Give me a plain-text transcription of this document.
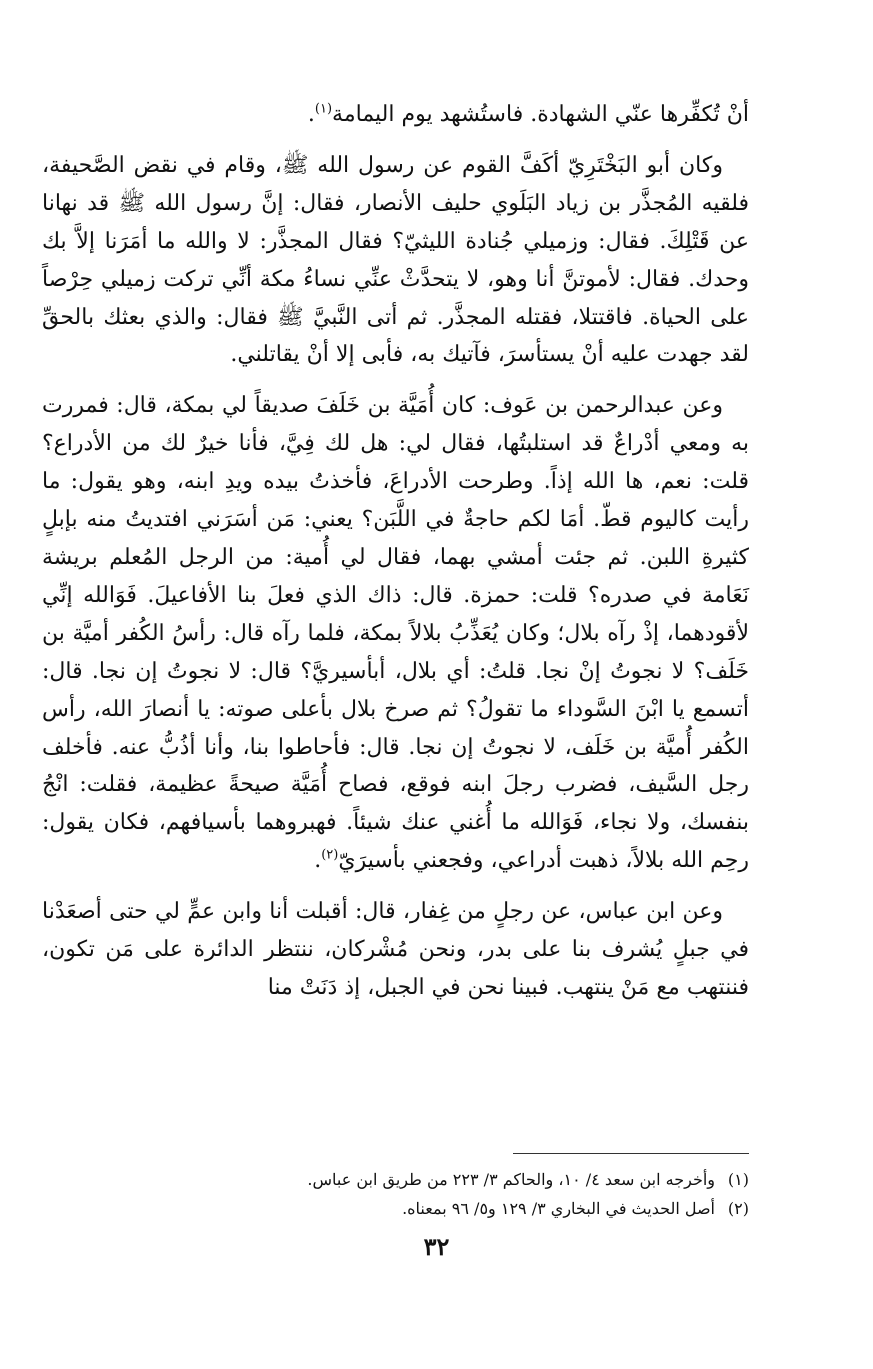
أنْ تُكفِّرها عنّي الشهادة. فاستُشهد يوم اليمامة$^{(١)}$.

وكان أبو البَخْتَرِيّ أكَفَّ القوم عن رسول الله ﷺ، وقام في نقض الصَّحيفة، فلقيه المُجذَّر بن زياد البَلَوي حليف الأنصار، فقال: إنَّ رسول الله ﷺ قد نهانا عن قَتْلِكَ. فقال: وزميلي جُنادة الليثيّ؟ فقال المجذَّر: لا والله ما أمَرَنا إلاَّ بك وحدك. فقال: لأموتنَّ أنا وهو، لا يتحدَّثْ عنِّي نساءُ مكة أنِّي تركت زميلي حِرْصاً على الحياة. فاقتتلا، فقتله المجذَّر. ثم أتى النَّبيَّ ﷺ فقال: والذي بعثك بالحقِّ لقد جهدت عليه أنْ يستأسرَ، فآتيك به، فأبى إلا أنْ يقاتلني.

وعن عبدالرحمن بن عَوف: كان أُمَيَّة بن خَلَفَ صديقاً لي بمكة، قال: فمررت به ومعي أدْراعٌ قد استلبتُها، فقال لي: هل لك فِيَّ، فأنا خيرٌ لك من الأدراع؟ قلت: نعم، ها الله إذاً. وطرحت الأدراعَ، فأخذتُ بيده ويدِ ابنه، وهو يقول: ما رأيت كاليوم قطّ. أمَا لكم حاجةٌ في اللَّبَن؟ يعني: مَن أسَرَني افتديتُ منه بإبلٍ كثيرةِ اللبن. ثم جئت أمشي بهما، فقال لي أُمية: من الرجل المُعلم بريشة نَعَامة في صدره؟ قلت: حمزة. قال: ذاك الذي فعلَ بنا الأفاعيلَ. فَوَالله إنِّي لأقودهما، إذْ رآه بلال؛ وكان يُعَذِّبُ بلالاً بمكة، فلما رآه قال: رأسُ الكُفر أميَّة بن خَلَف؟ لا نجوتُ إنْ نجا. قلتُ: أي بلال، أبأسيريَّ؟ قال: لا نجوتُ إن نجا. قال: أتسمع يا ابْنَ السَّوداء ما تقولُ؟ ثم صرخ بلال بأعلى صوته: يا أنصارَ الله، رأس الكُفر أُميَّة بن خَلَف، لا نجوتُ إن نجا. قال: فأحاطوا بنا، وأنا أذُبُّ عنه. فأخلف رجل السَّيف، فضرب رجلَ ابنه فوقع، فصاح أُمَيَّة صيحةً عظيمة، فقلت: انْجُ بنفسك، ولا نجاء، فَوَالله ما أُغني عنك شيئاً. فهبروهما بأسيافهم، فكان يقول: رحِم الله بلالاً، ذهبت أدراعي، وفجعني بأسيرَيّ$^{(٢)}$.

وعن ابن عباس، عن رجلٍ من غِفار، قال: أقبلت أنا وابن عمٍّ لي حتى أصعَدْنا في جبلٍ يُشرف بنا على بدر، ونحن مُشْركان، ننتظر الدائرة على مَن تكون، فننتهب مع مَنْ ينتهب. فبينا نحن في الجبل، إذ دَنَتْ منا

(١)وأخرجه ابن سعد ٤/ ١٠، والحاكم ٣/ ٢٢٣ من طريق ابن عباس.

(٢)أصل الحديث في البخاري ٣/ ١٢٩ و٥/ ٩٦ بمعناه.

٣٢
